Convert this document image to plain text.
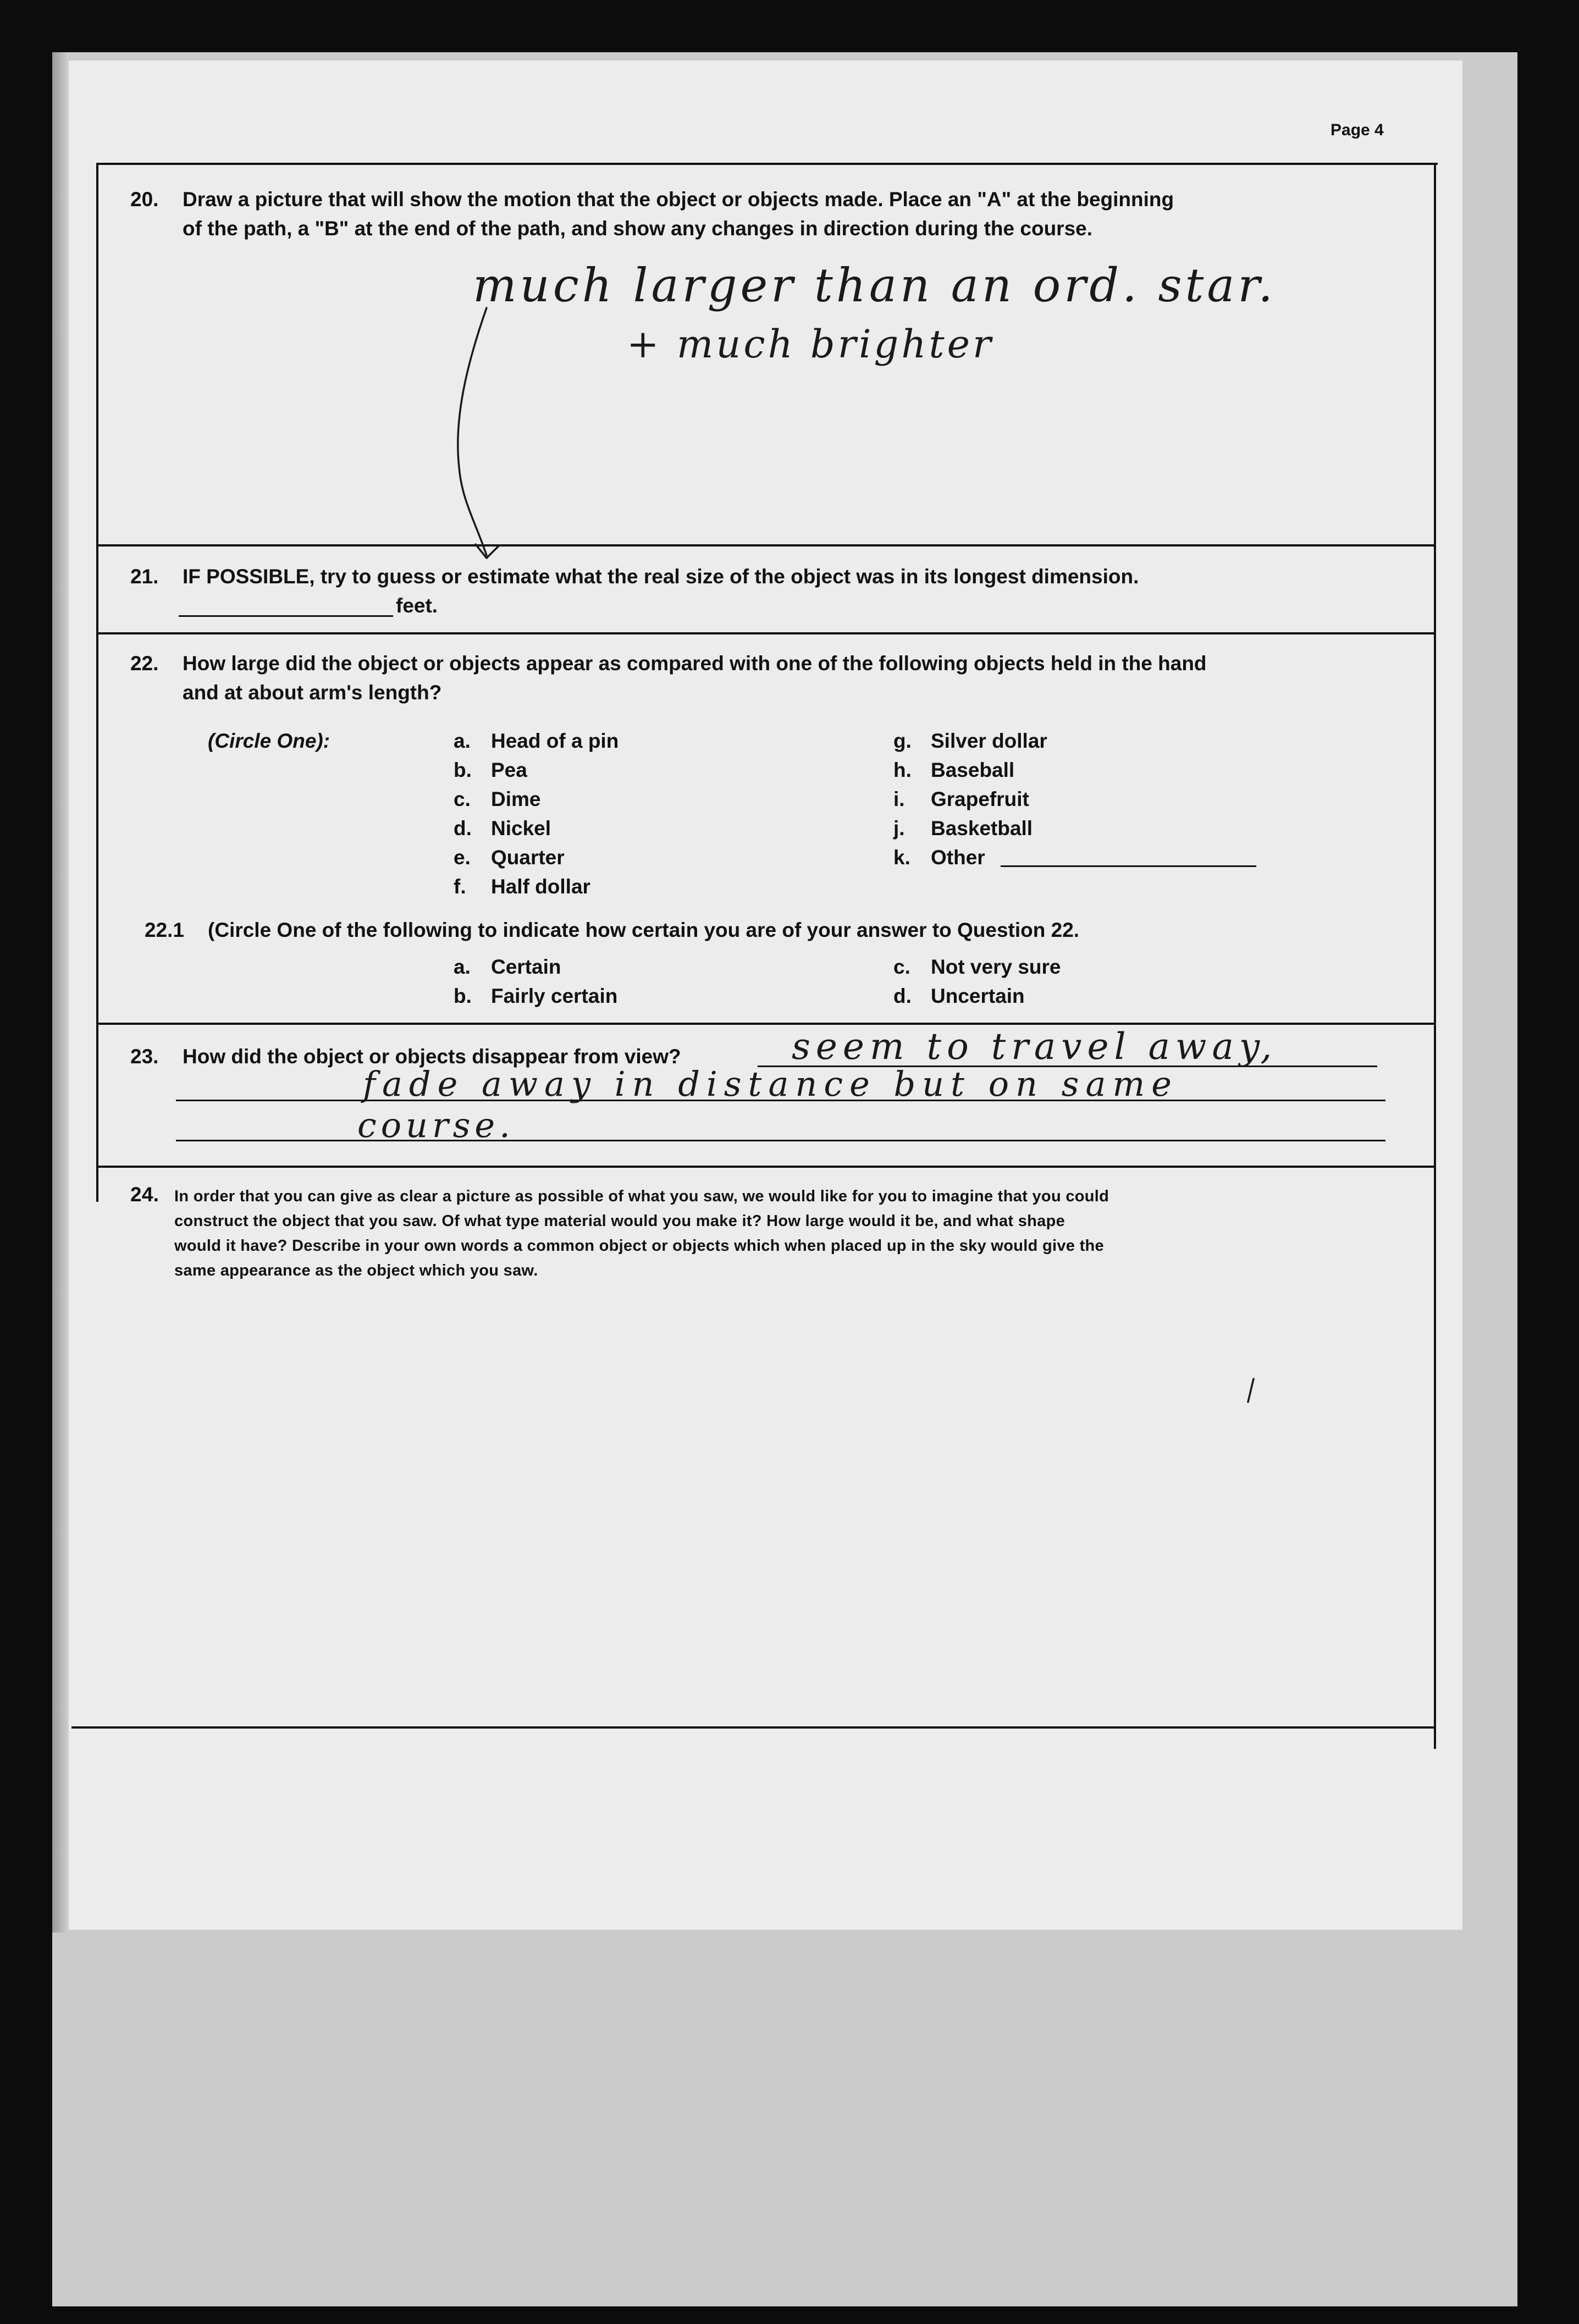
Page 4
20. Draw a picture that will show the motion that the object or objects made. Place an "A" at the beginning
of the path, a "B" at the end of the path, and show any changes in direction during the course.
much larger than an ord. star.
+ much brighter
21. IF POSSIBLE, try to guess or estimate what the real size of the object was in its longest dimension.
feet.
22. How large did the object or objects appear as compared with one of the following objects held in the hand
and at about arm's length?
(Circle One):	a. Head of a pin
b. Pea
c. Dime
d. Nickel
e. Quarter
f. Half dollar
g. Silver dollar
h. Baseball
i. Grapefruit
j. Basketball
k. Other
22.1 (Circle One of the following to indicate how certain you are of your answer to Question 22.
a. Certain
b. Fairly certain
c. Not very sure
d. Uncertain
23. How did the object or objects disappear from view?	seem to travel away,
fade away in distance but on same
course.
24. In order that you can give as clear a picture as possible of what you saw, we would like for you to imagine that you could
construct the object that you saw. Of what type material would you make it? How large would it be, and what shape
would it have? Describe in your own words a common object or objects which when placed up in the sky would give the
same appearance as the object which you saw.
